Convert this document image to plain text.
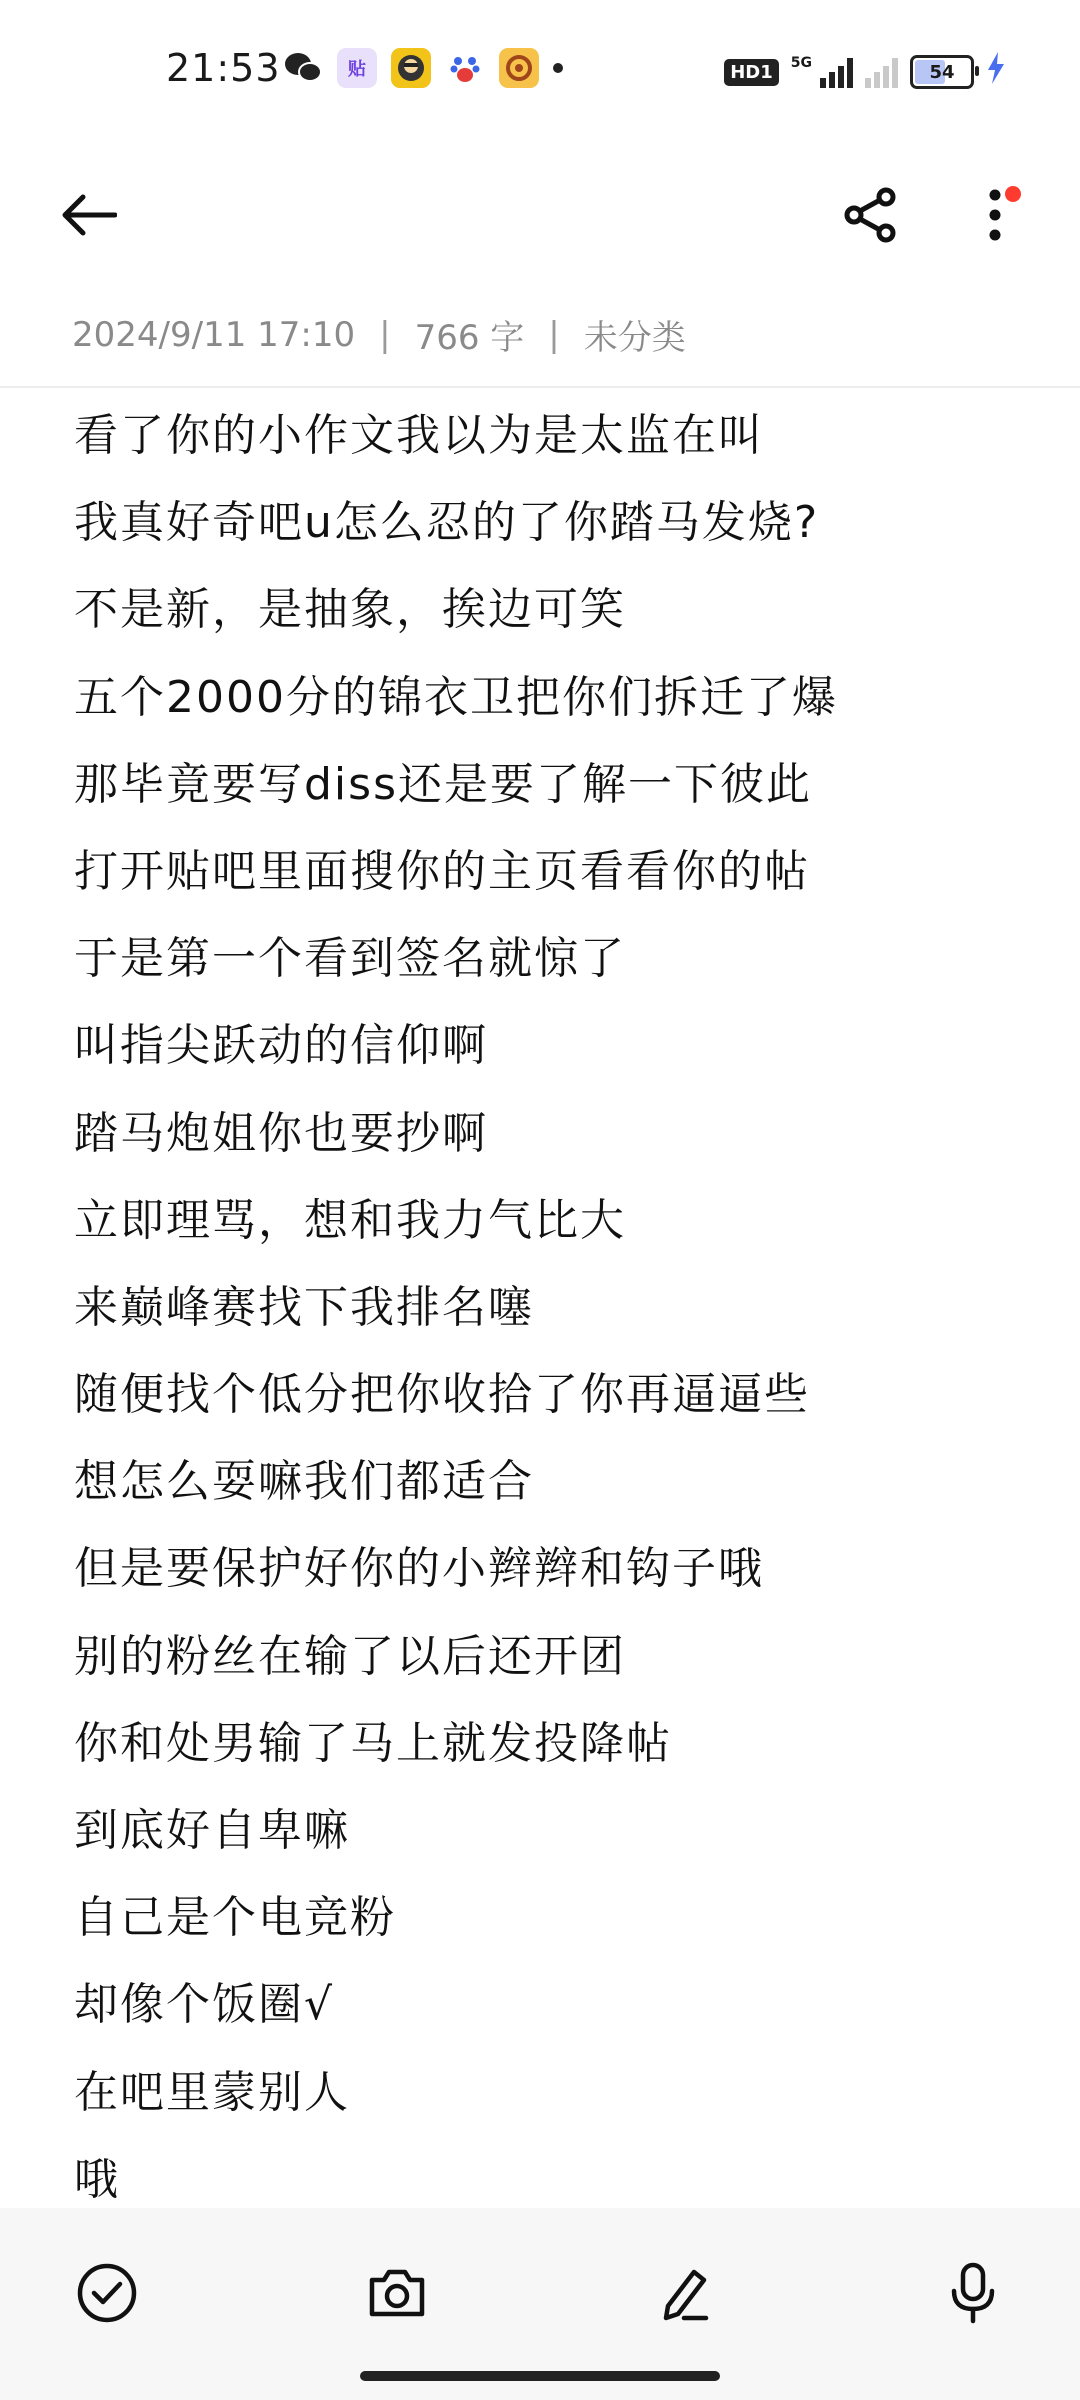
21:53	贴	HD1	5G	54
2024/9/11 17:10 | 766 字 | 未分类
看了你的小作文我以为是太监在叫
我真好奇吧u怎么忍的了你踏马发烧?
不是新，是抽象，挨边可笑
五个2000分的锦衣卫把你们拆迁了爆
那毕竟要写diss还是要了解一下彼此
打开贴吧里面搜你的主页看看你的帖
于是第一个看到签名就惊了
叫指尖跃动的信仰啊
踏马炮姐你也要抄啊
立即理骂，想和我力气比大
来巅峰赛找下我排名噻
随便找个低分把你收拾了你再逼逼些
想怎么耍嘛我们都适合
但是要保护好你的小辫辫和钩子哦
别的粉丝在输了以后还开团
你和处男输了马上就发投降帖
到底好自卑嘛
自己是个电竞粉
却像个饭圈√
在吧里蒙别人
哦
